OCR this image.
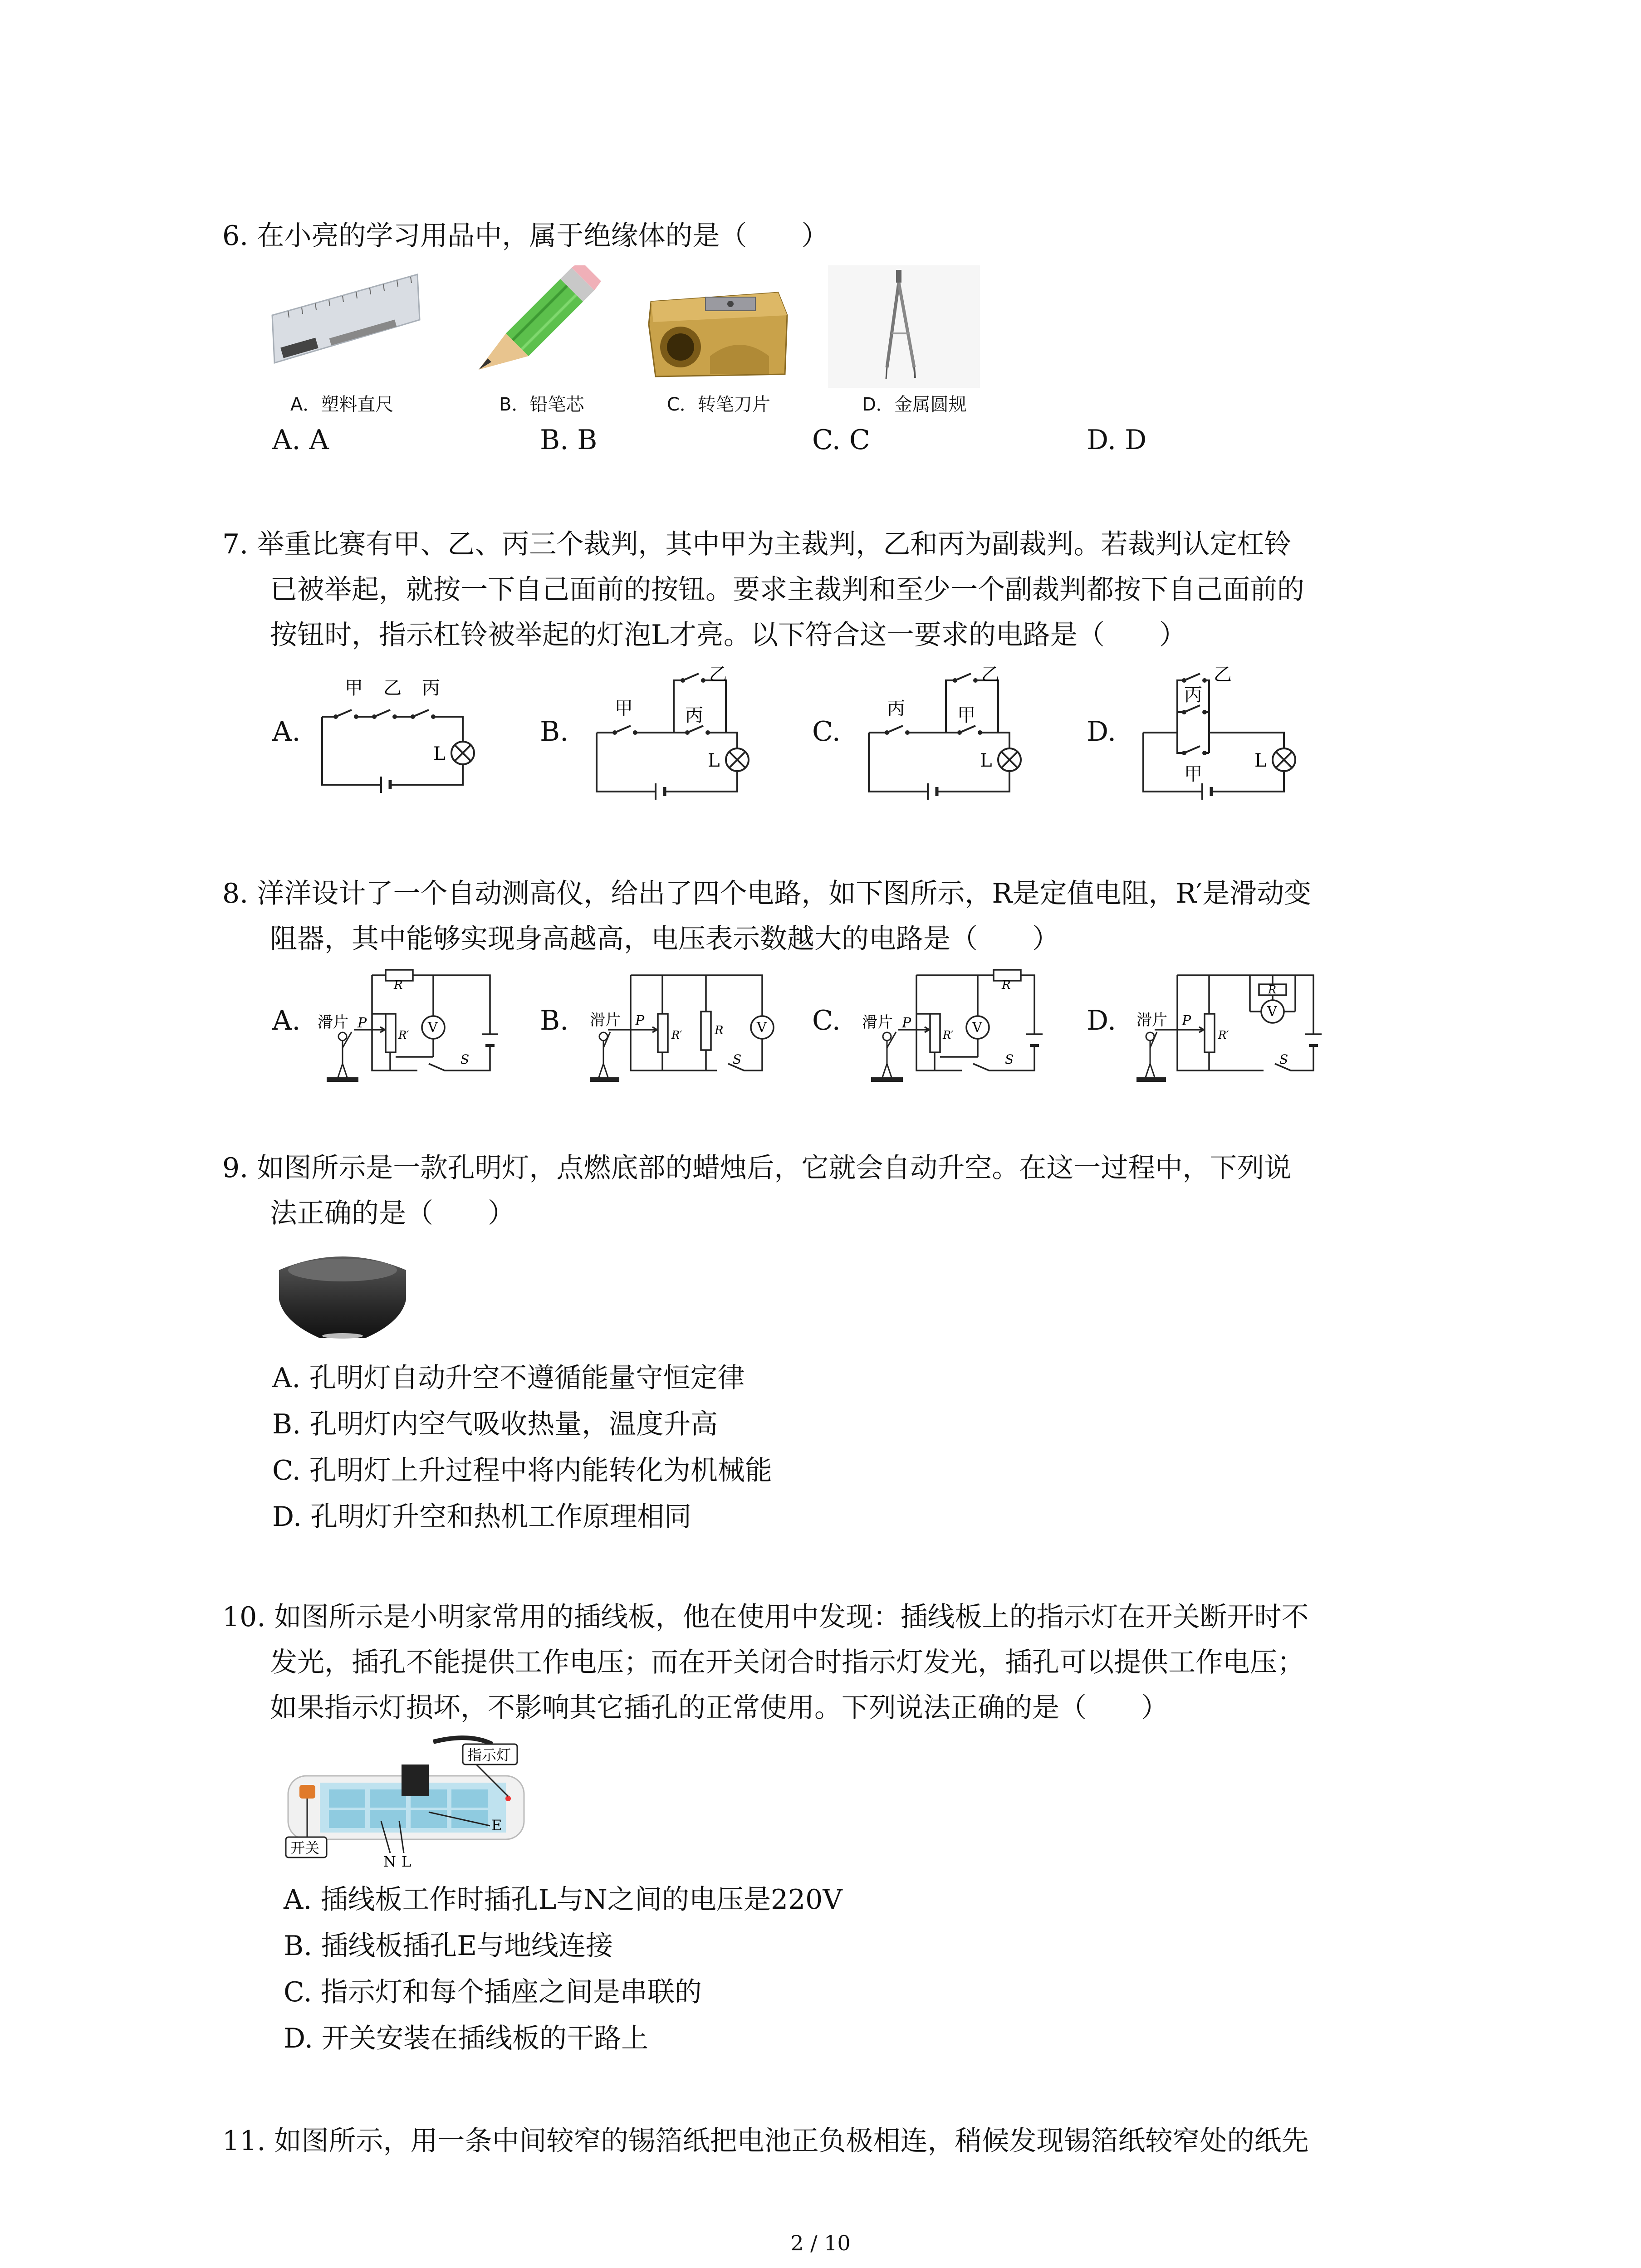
6. 在小亮的学习用品中，属于绝缘体的是（　　）
A．塑料直尺	B．铅笔芯	C．转笔刀片	D．金属圆规
A. A	B. B	C. C	D. D
7. 举重比赛有甲、乙、丙三个裁判，其中甲为主裁判，乙和丙为副裁判。若裁判认定杠铃
已被举起，就按一下自己面前的按钮。要求主裁判和至少一个副裁判都按下自己面前的
按钮时，指示杠铃被举起的灯泡L才亮。以下符合这一要求的电路是（　　）
A.	B.	C.	D.
甲 乙 丙
L
甲
乙
丙
L
丙
乙
甲
L
乙
丙
甲
L
8. 洋洋设计了一个自动测高仪，给出了四个电路，如下图所示，R是定值电阻，R′是滑动变
阻器，其中能够实现身高越高，电压表示数越大的电路是（　　）
A.	B.	C.	D.
滑片 P
R
R′ V
S
滑片 P
R′	R V
S
滑片 P
R
R′ V
S
滑片 P
R′
R
V
S
9. 如图所示是一款孔明灯，点燃底部的蜡烛后，它就会自动升空。在这一过程中，下列说
法正确的是（　　）
A. 孔明灯自动升空不遵循能量守恒定律
B. 孔明灯内空气吸收热量，温度升高
C. 孔明灯上升过程中将内能转化为机械能
D. 孔明灯升空和热机工作原理相同
10. 如图所示是小明家常用的插线板，他在使用中发现：插线板上的指示灯在开关断开时不
发光，插孔不能提供工作电压；而在开关闭合时指示灯发光，插孔可以提供工作电压；
如果指示灯损坏，不影响其它插孔的正常使用。下列说法正确的是（　　）
指示灯
开关
E
N L
A. 插线板工作时插孔L与N之间的电压是220V
B. 插线板插孔E与地线连接
C. 指示灯和每个插座之间是串联的
D. 开关安装在插线板的干路上
11. 如图所示，用一条中间较窄的锡箔纸把电池正负极相连，稍候发现锡箔纸较窄处的纸先
2 / 10
